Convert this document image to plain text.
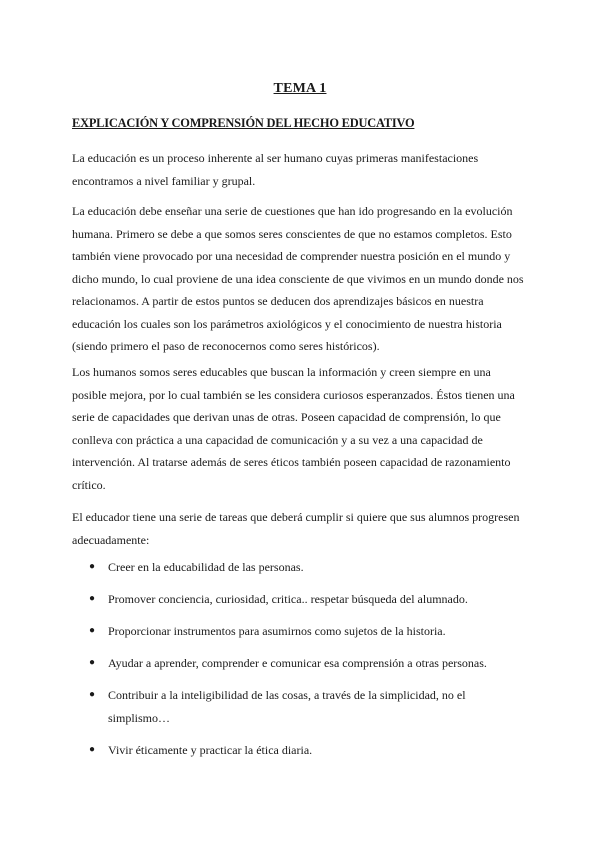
TEMA 1
EXPLICACIÓN Y COMPRENSIÓN DEL HECHO EDUCATIVO

La educación es un proceso inherente al ser humano cuyas primeras manifestaciones encontramos a nivel familiar y grupal.

La educación debe enseñar una serie de cuestiones que han ido progresando en la evolución humana. Primero se debe a que somos seres conscientes de que no estamos completos. Esto también viene provocado por una necesidad de comprender nuestra posición en el mundo y dicho mundo, lo cual proviene de una idea consciente de que vivimos en un mundo donde nos relacionamos. A partir de estos puntos se deducen dos aprendizajes básicos en nuestra educación los cuales son los parámetros axiológicos y el conocimiento de nuestra historia (siendo primero el paso de reconocernos como seres históricos).

Los humanos somos seres educables que buscan la información y creen siempre en una posible mejora, por lo cual también se les considera curiosos esperanzados. Éstos tienen una serie de capacidades que derivan unas de otras. Poseen capacidad de comprensión, lo que conlleva con práctica a una capacidad de comunicación y a su vez a una capacidad de intervención. Al tratarse además de seres éticos también poseen capacidad de razonamiento crítico.

El educador tiene una serie de tareas que deberá cumplir si quiere que sus alumnos progresen adecuadamente:

● Creer en la educabilidad de las personas.
● Promover conciencia, curiosidad, critica.. respetar búsqueda del alumnado.
● Proporcionar instrumentos para asumirnos como sujetos de la historia.
● Ayudar a aprender, comprender e comunicar esa comprensión a otras personas.
● Contribuir a la inteligibilidad de las cosas, a través de la simplicidad, no el simplismo…
● Vivir éticamente y practicar la ética diaria.
